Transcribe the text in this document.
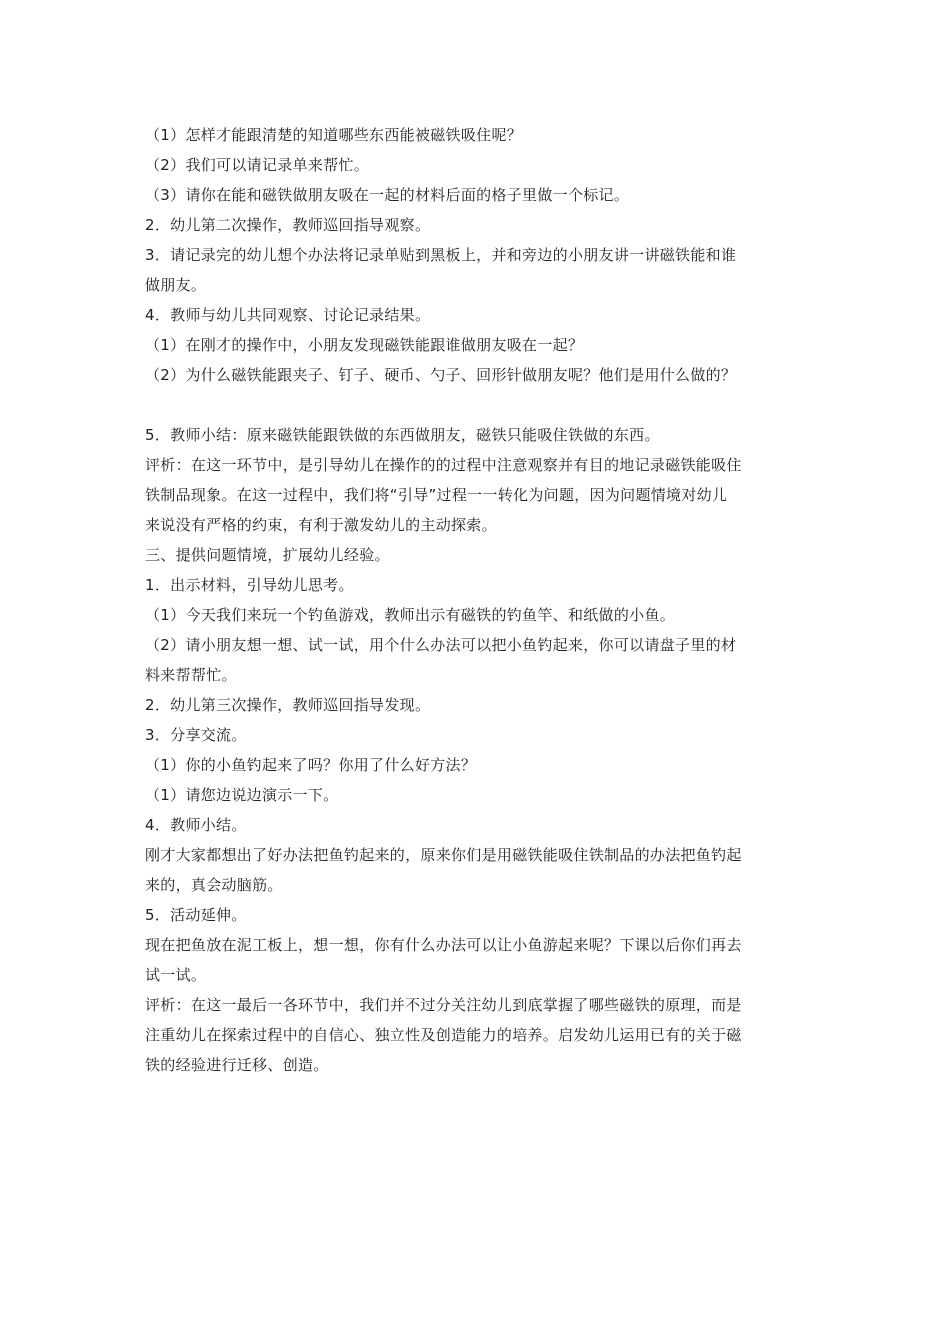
（1）怎样才能跟清楚的知道哪些东西能被磁铁吸住呢？
（2）我们可以请记录单来帮忙。
（3）请你在能和磁铁做朋友吸在一起的材料后面的格子里做一个标记。
2．幼儿第二次操作，教师巡回指导观察。
3．请记录完的幼儿想个办法将记录单贴到黑板上，并和旁边的小朋友讲一讲磁铁能和谁
做朋友。
4．教师与幼儿共同观察、讨论记录结果。
（1）在刚才的操作中，小朋友发现磁铁能跟谁做朋友吸在一起？
（2）为什么磁铁能跟夹子、钉子、硬币、勺子、回形针做朋友呢？他们是用什么做的？
5．教师小结：原来磁铁能跟铁做的东西做朋友，磁铁只能吸住铁做的东西。
评析：在这一环节中，是引导幼儿在操作的的过程中注意观察并有目的地记录磁铁能吸住
铁制品现象。在这一过程中，我们将“引导”过程一一转化为问题，因为问题情境对幼儿
来说没有严格的约束，有利于激发幼儿的主动探索。
三、提供问题情境，扩展幼儿经验。
1．出示材料，引导幼儿思考。
（1）今天我们来玩一个钓鱼游戏，教师出示有磁铁的钓鱼竿、和纸做的小鱼。
（2）请小朋友想一想、试一试，用个什么办法可以把小鱼钓起来，你可以请盘子里的材
料来帮帮忙。
2．幼儿第三次操作，教师巡回指导发现。
3．分享交流。
（1）你的小鱼钓起来了吗？你用了什么好方法？
（1）请您边说边演示一下。
4．教师小结。
刚才大家都想出了好办法把鱼钓起来的，原来你们是用磁铁能吸住铁制品的办法把鱼钓起
来的，真会动脑筋。
5．活动延伸。
现在把鱼放在泥工板上，想一想，你有什么办法可以让小鱼游起来呢？下课以后你们再去
试一试。
评析：在这一最后一各环节中，我们并不过分关注幼儿到底掌握了哪些磁铁的原理，而是
注重幼儿在探索过程中的自信心、独立性及创造能力的培养。启发幼儿运用已有的关于磁
铁的经验进行迁移、创造。
